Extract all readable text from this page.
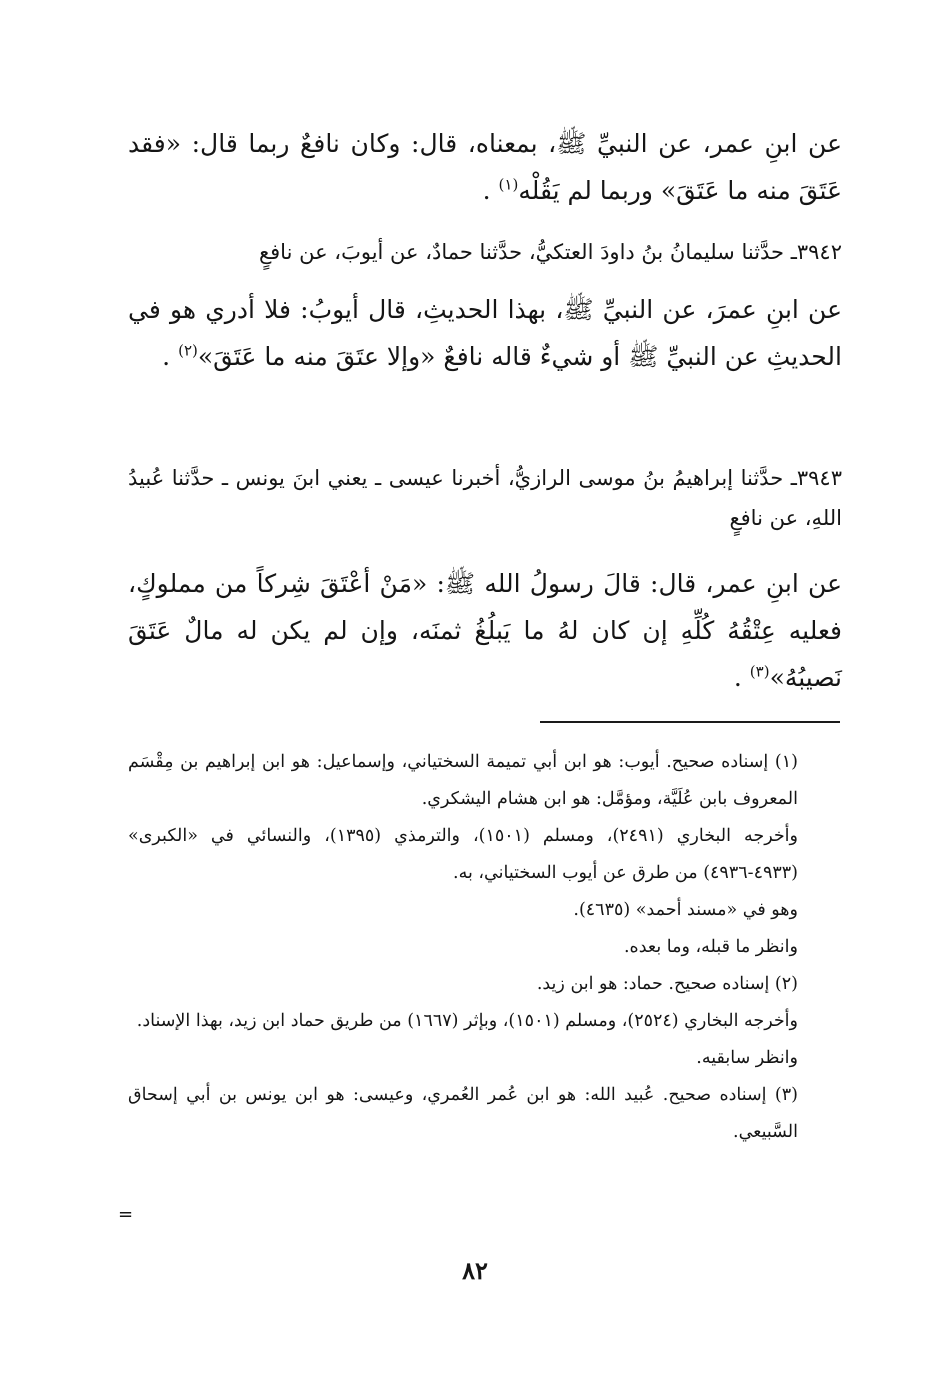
عن ابنِ عمر، عن النبيِّ ﷺ، بمعناه، قال: وكان نافعٌ ربما قال: «فقد عَتَقَ منه ما عَتَقَ» وربما لم يَقُلْه$^{(١)}$ .

٣٩٤٢ـ حدَّثنا سليمانُ بنُ داودَ العتكيُّ، حدَّثنا حمادٌ، عن أيوبَ، عن نافعٍ

عن ابنِ عمرَ، عن النبيِّ ﷺ، بهذا الحديثِ، قال أيوبُ: فلا أدري هو في الحديثِ عن النبيِّ ﷺ أو شيءٌ قاله نافعٌ «وإلا عتَقَ منه ما عَتَقَ»$^{(٢)}$ .

٣٩٤٣ـ حدَّثنا إبراهيمُ بنُ موسى الرازيُّ، أخبرنا عيسى ـ يعني ابنَ يونس ـ حدَّثنا عُبيدُ اللهِ، عن نافعٍ

عن ابنِ عمر، قال: قالَ رسولُ الله ﷺ: «مَنْ أعْتَقَ شِركاً من مملوكٍ، فعليه عِتْقُهُ كُلِّهِ إن كان لهُ ما يَبلُغُ ثمنَه، وإن لم يكن له مالٌ عَتَقَ نَصيبُهُ»$^{(٣)}$ .

(١) إسناده صحيح. أيوب: هو ابن أبي تميمة السختياني، وإسماعيل: هو ابن إبراهيم بن مِقْسَم المعروف بابن عُلَيَّة، ومؤمَّل: هو ابن هشام اليشكري.

وأخرجه البخاري (٢٤٩١)، ومسلم (١٥٠١)، والترمذي (١٣٩٥)، والنسائي في «الكبرى» (٤٩٣٣-٤٩٣٦) من طرق عن أيوب السختياني، به.

وهو في «مسند أحمد» (٤٦٣٥).

وانظر ما قبله، وما بعده.

(٢) إسناده صحيح. حماد: هو ابن زيد.

وأخرجه البخاري (٢٥٢٤)، ومسلم (١٥٠١)، وبإثر (١٦٦٧) من طريق حماد ابن زيد، بهذا الإسناد.

وانظر سابقيه.

(٣) إسناده صحيح. عُبيد الله: هو ابن عُمر العُمري، وعيسى: هو ابن يونس بن أبي إسحاق السَّبيعي.

=
٨٢
